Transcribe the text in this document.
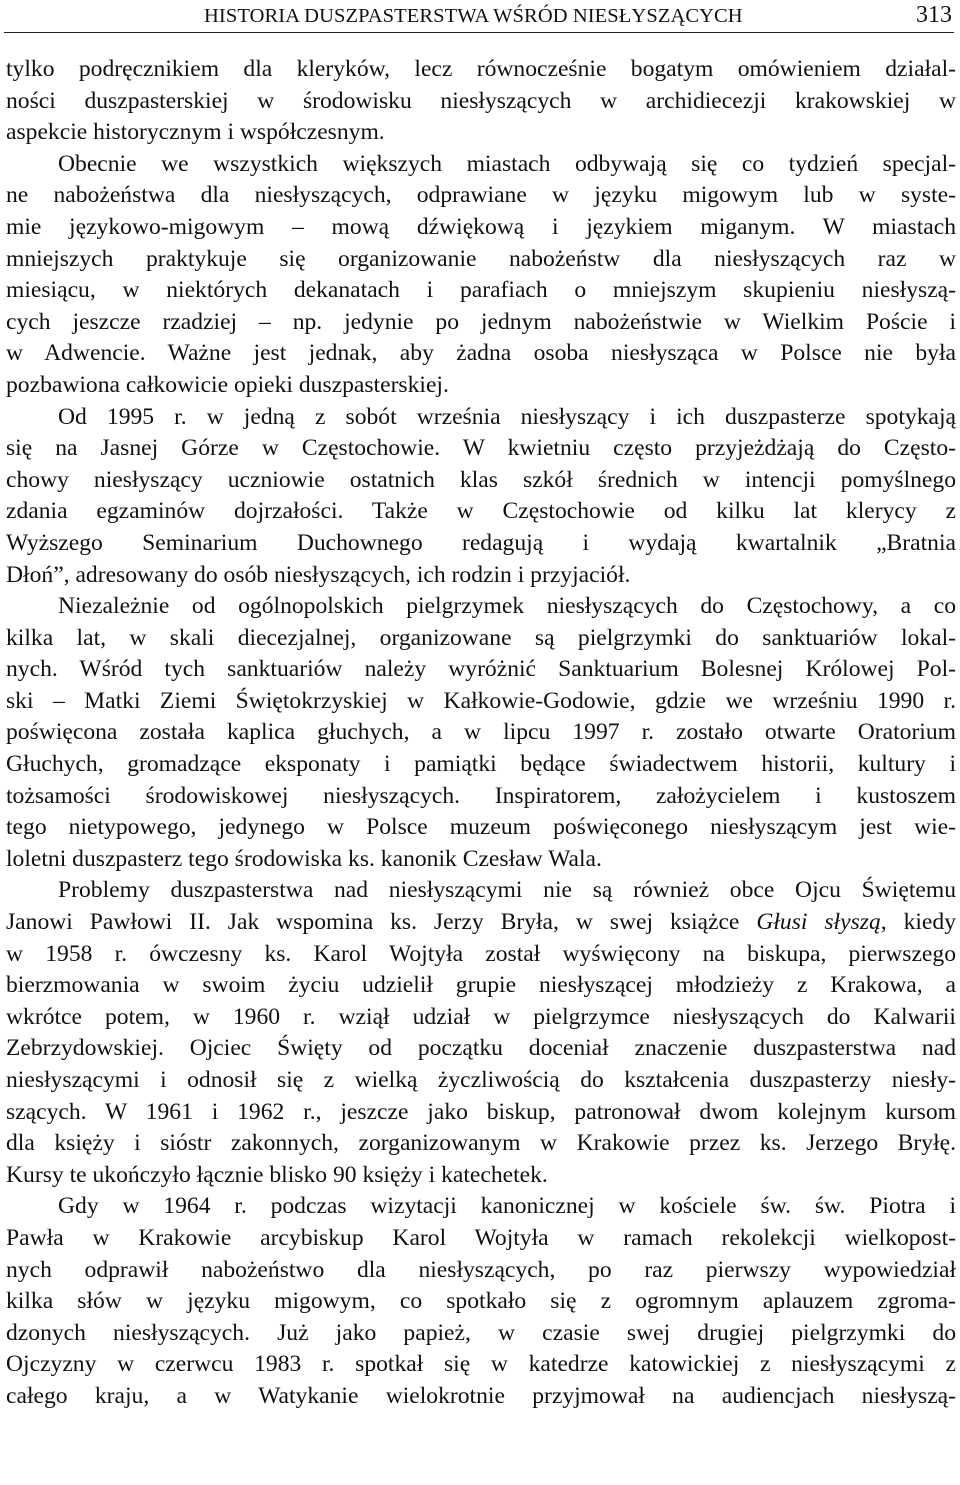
HISTORIA DUSZPASTERSTWA WŚRÓD NIESŁYSZĄCYCH	313

tylko podręcznikiem dla kleryków, lecz równocześnie bogatym omówieniem działal-

ności duszpasterskiej w środowisku niesłyszących w archidiecezji krakowskiej w

aspekcie historycznym i współczesnym.

Obecnie we wszystkich większych miastach odbywają się co tydzień specjal-

ne nabożeństwa dla niesłyszących, odprawiane w języku migowym lub w syste-

mie językowo-migowym – mową dźwiękową i językiem miganym. W miastach

mniejszych praktykuje się organizowanie nabożeństw dla niesłyszących raz w

miesiącu, w niektórych dekanatach i parafiach o mniejszym skupieniu niesłyszą-

cych jeszcze rzadziej – np. jedynie po jednym nabożeństwie w Wielkim Poście i

w Adwencie. Ważne jest jednak, aby żadna osoba niesłysząca w Polsce nie była

pozbawiona całkowicie opieki duszpasterskiej.

Od 1995 r. w jedną z sobót września niesłyszący i ich duszpasterze spotykają

się na Jasnej Górze w Częstochowie. W kwietniu często przyjeżdżają do Często-

chowy niesłyszący uczniowie ostatnich klas szkół średnich w intencji pomyślnego

zdania egzaminów dojrzałości. Także w Częstochowie od kilku lat klerycy z

Wyższego Seminarium Duchownego redagują i wydają kwartalnik „Bratnia

Dłoń”, adresowany do osób niesłyszących, ich rodzin i przyjaciół.

Niezależnie od ogólnopolskich pielgrzymek niesłyszących do Częstochowy, a co

kilka lat, w skali diecezjalnej, organizowane są pielgrzymki do sanktuariów lokal-

nych. Wśród tych sanktuariów należy wyróżnić Sanktuarium Bolesnej Królowej Pol-

ski – Matki Ziemi Świętokrzyskiej w Kałkowie-Godowie, gdzie we wrześniu 1990 r.

poświęcona została kaplica głuchych, a w lipcu 1997 r. zostało otwarte Oratorium

Głuchych, gromadzące eksponaty i pamiątki będące świadectwem historii, kultury i

tożsamości środowiskowej niesłyszących. Inspiratorem, założycielem i kustoszem

tego nietypowego, jedynego w Polsce muzeum poświęconego niesłyszącym jest wie-

loletni duszpasterz tego środowiska ks. kanonik Czesław Wala.

Problemy duszpasterstwa nad niesłyszącymi nie są również obce Ojcu Świętemu

Janowi Pawłowi II. Jak wspomina ks. Jerzy Bryła, w swej książce Głusi słyszą, kiedy

w 1958 r. ówczesny ks. Karol Wojtyła został wyświęcony na biskupa, pierwszego

bierzmowania w swoim życiu udzielił grupie niesłyszącej młodzieży z Krakowa, a

wkrótce potem, w 1960 r. wziął udział w pielgrzymce niesłyszących do Kalwarii

Zebrzydowskiej. Ojciec Święty od początku doceniał znaczenie duszpasterstwa nad

niesłyszącymi i odnosił się z wielką życzliwością do kształcenia duszpasterzy niesły-

szących. W 1961 i 1962 r., jeszcze jako biskup, patronował dwom kolejnym kursom

dla księży i sióstr zakonnych, zorganizowanym w Krakowie przez ks. Jerzego Bryłę.

Kursy te ukończyło łącznie blisko 90 księży i katechetek.

Gdy w 1964 r. podczas wizytacji kanonicznej w kościele św. św. Piotra i

Pawła w Krakowie arcybiskup Karol Wojtyła w ramach rekolekcji wielkopost-

nych odprawił nabożeństwo dla niesłyszących, po raz pierwszy wypowiedział

kilka słów w języku migowym, co spotkało się z ogromnym aplauzem zgroma-

dzonych niesłyszących. Już jako papież, w czasie swej drugiej pielgrzymki do

Ojczyzny w czerwcu 1983 r. spotkał się w katedrze katowickiej z niesłyszącymi z

całego kraju, a w Watykanie wielokrotnie przyjmował na audiencjach niesłyszą-
